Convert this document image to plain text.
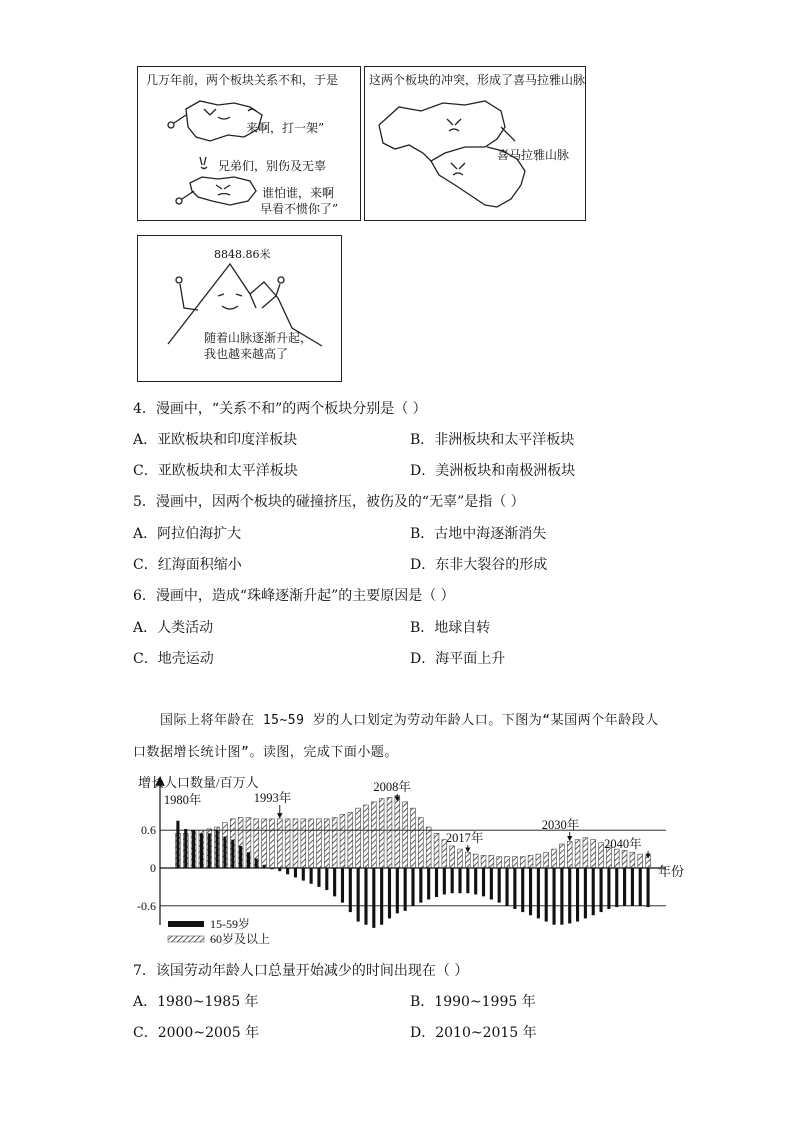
几万年前，两个板块关系不和，于是
来啊，打一架”
兄弟们，别伤及无辜
谁怕谁，来啊
早看不惯你了”
这两个板块的冲突，形成了喜马拉雅山脉
喜马拉雅山脉
8848.86米
随着山脉逐渐升起，
我也越来越高了
4．漫画中，“关系不和”的两个板块分别是（ ）
A．亚欧板块和印度洋板块	B．非洲板块和太平洋板块
C．亚欧板块和太平洋板块	D．美洲板块和南极洲板块
5．漫画中，因两个板块的碰撞挤压，被伤及的“无辜”是指（ ）
A．阿拉伯海扩大	B．古地中海逐渐消失
C．红海面积缩小	D．东非大裂谷的形成
6．漫画中，造成“珠峰逐渐升起”的主要原因是（ ）
A．人类活动	B．地球自转
C．地壳运动	D．海平面上升
国际上将年龄在 15~59 岁的人口划定为劳动年龄人口。下图为“某国两个年龄段人
口数据增长统计图”。读图，完成下面小题。
0.6
0
-0.6
增长人口数量/百万人
年份
1980年	1993年
2008年
2017年
2030年
2040年
15-59岁
60岁及以上
7．该国劳动年龄人口总量开始减少的时间出现在（ ）
A．1980~1985 年	B．1990~1995 年
C．2000~2005 年	D．2010~2015 年
